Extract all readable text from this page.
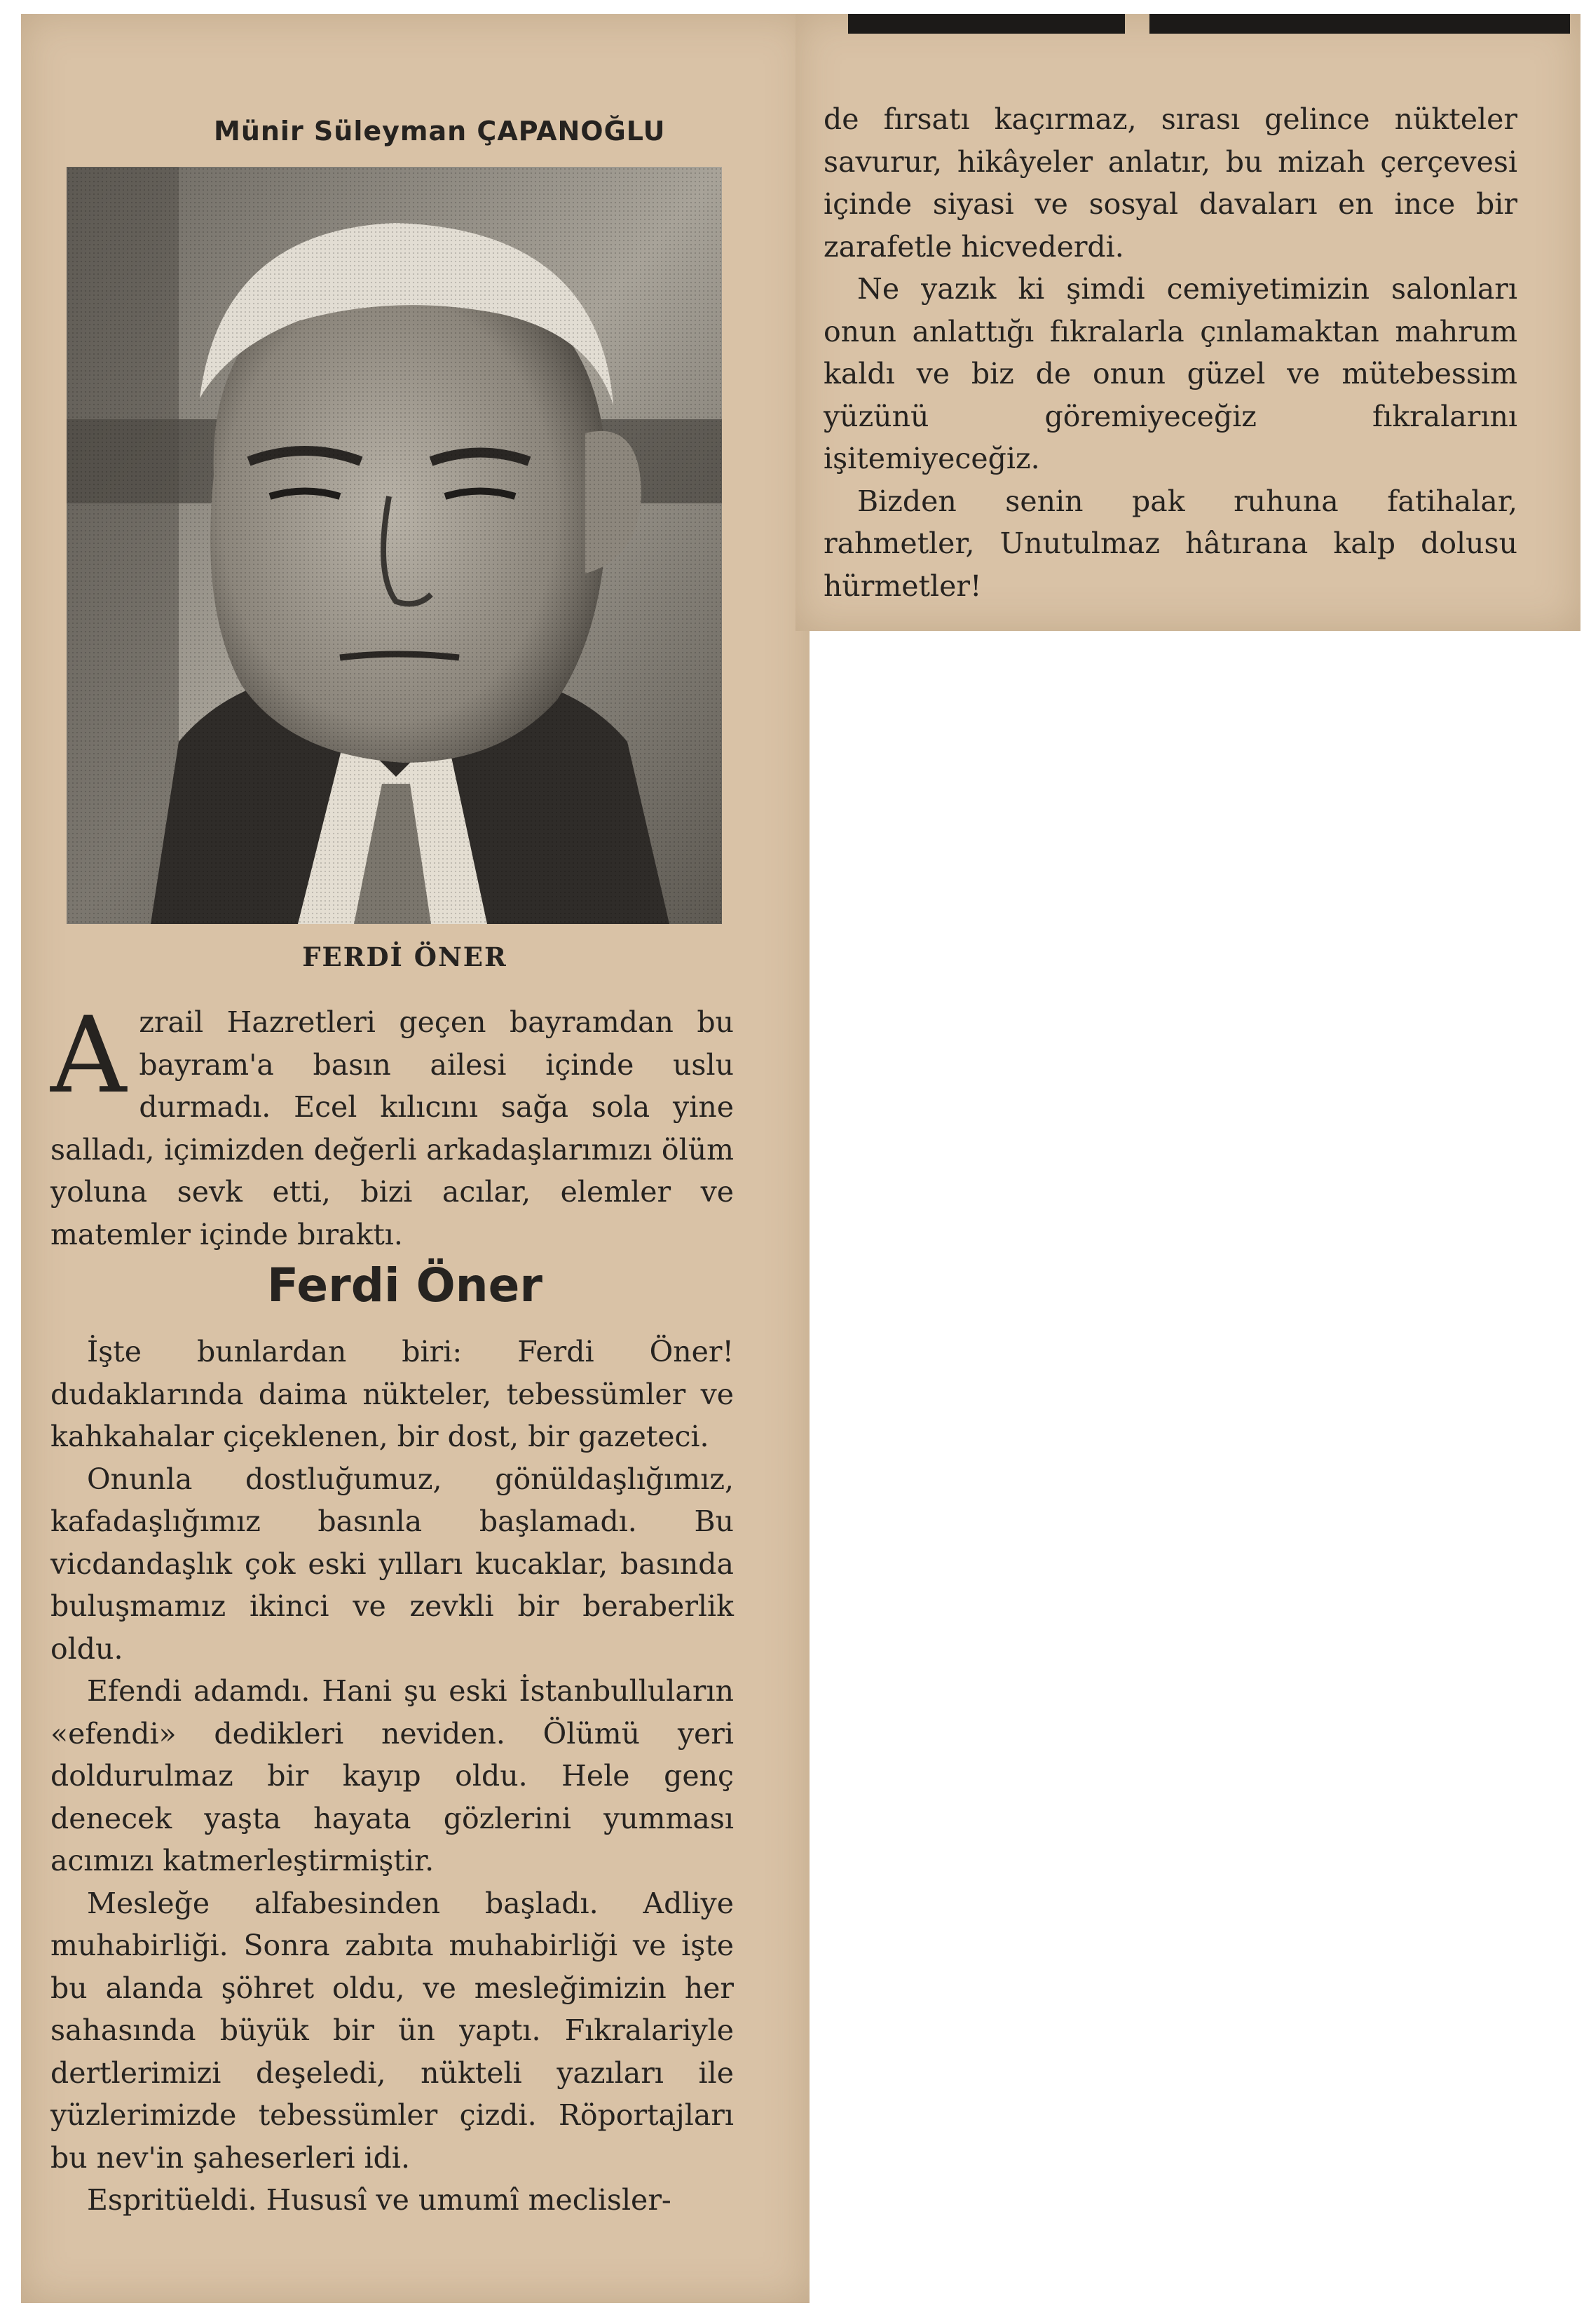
Münir Süleyman ÇAPANOĞLU
FERDİ ÖNER
A zrail Hazretleri geçen bayramdan bu bayram'a basın ailesi içinde uslu durmadı. Ecel kılıcını sağa sola yine salladı, içimizden değerli arkadaşlarımızı ölüm yoluna sevk etti, bizi acılar, elemler ve matemler içinde bıraktı.

Ferdi Öner

İşte bunlardan biri: Ferdi Öner! dudaklarında daima nükteler, tebessümler ve kahkahalar çiçeklenen, bir dost, bir gazeteci.

Onunla dostluğumuz, gönüldaşlığımız, kafadaşlığımız basınla başlamadı. Bu vicdandaşlık çok eski yılları kucaklar, basında buluşmamız ikinci ve zevkli bir beraberlik oldu.

Efendi adamdı. Hani şu eski İstanbulluların «efendi» dedikleri neviden. Ölümü yeri doldurulmaz bir kayıp oldu. Hele genç denecek yaşta hayata gözlerini yumması acımızı katmerleştirmiştir.

Mesleğe alfabesinden başladı. Adliye muhabirliği. Sonra zabıta muhabirliği ve işte bu alanda şöhret oldu, ve mesleğimizin her sahasında büyük bir ün yaptı. Fıkralariyle dertlerimizi deşeledi, nükteli yazıları ile yüzlerimizde tebessümler çizdi. Röportajları bu nev'in şaheserleri idi.

Espritüeldi. Hususî ve umumî meclisler-

de fırsatı kaçırmaz, sırası gelince nükteler savurur, hikâyeler anlatır, bu mizah çerçevesi içinde siyasi ve sosyal davaları en ince bir zarafetle hicvederdi.

Ne yazık ki şimdi cemiyetimizin salonları onun anlattığı fıkralarla çınlamaktan mahrum kaldı ve biz de onun güzel ve mütebessim yüzünü göremiyeceğiz fıkralarını işitemiyeceğiz.

Bizden senin pak ruhuna fatihalar, rahmetler, Unutulmaz hâtırana kalp dolusu hürmetler!
